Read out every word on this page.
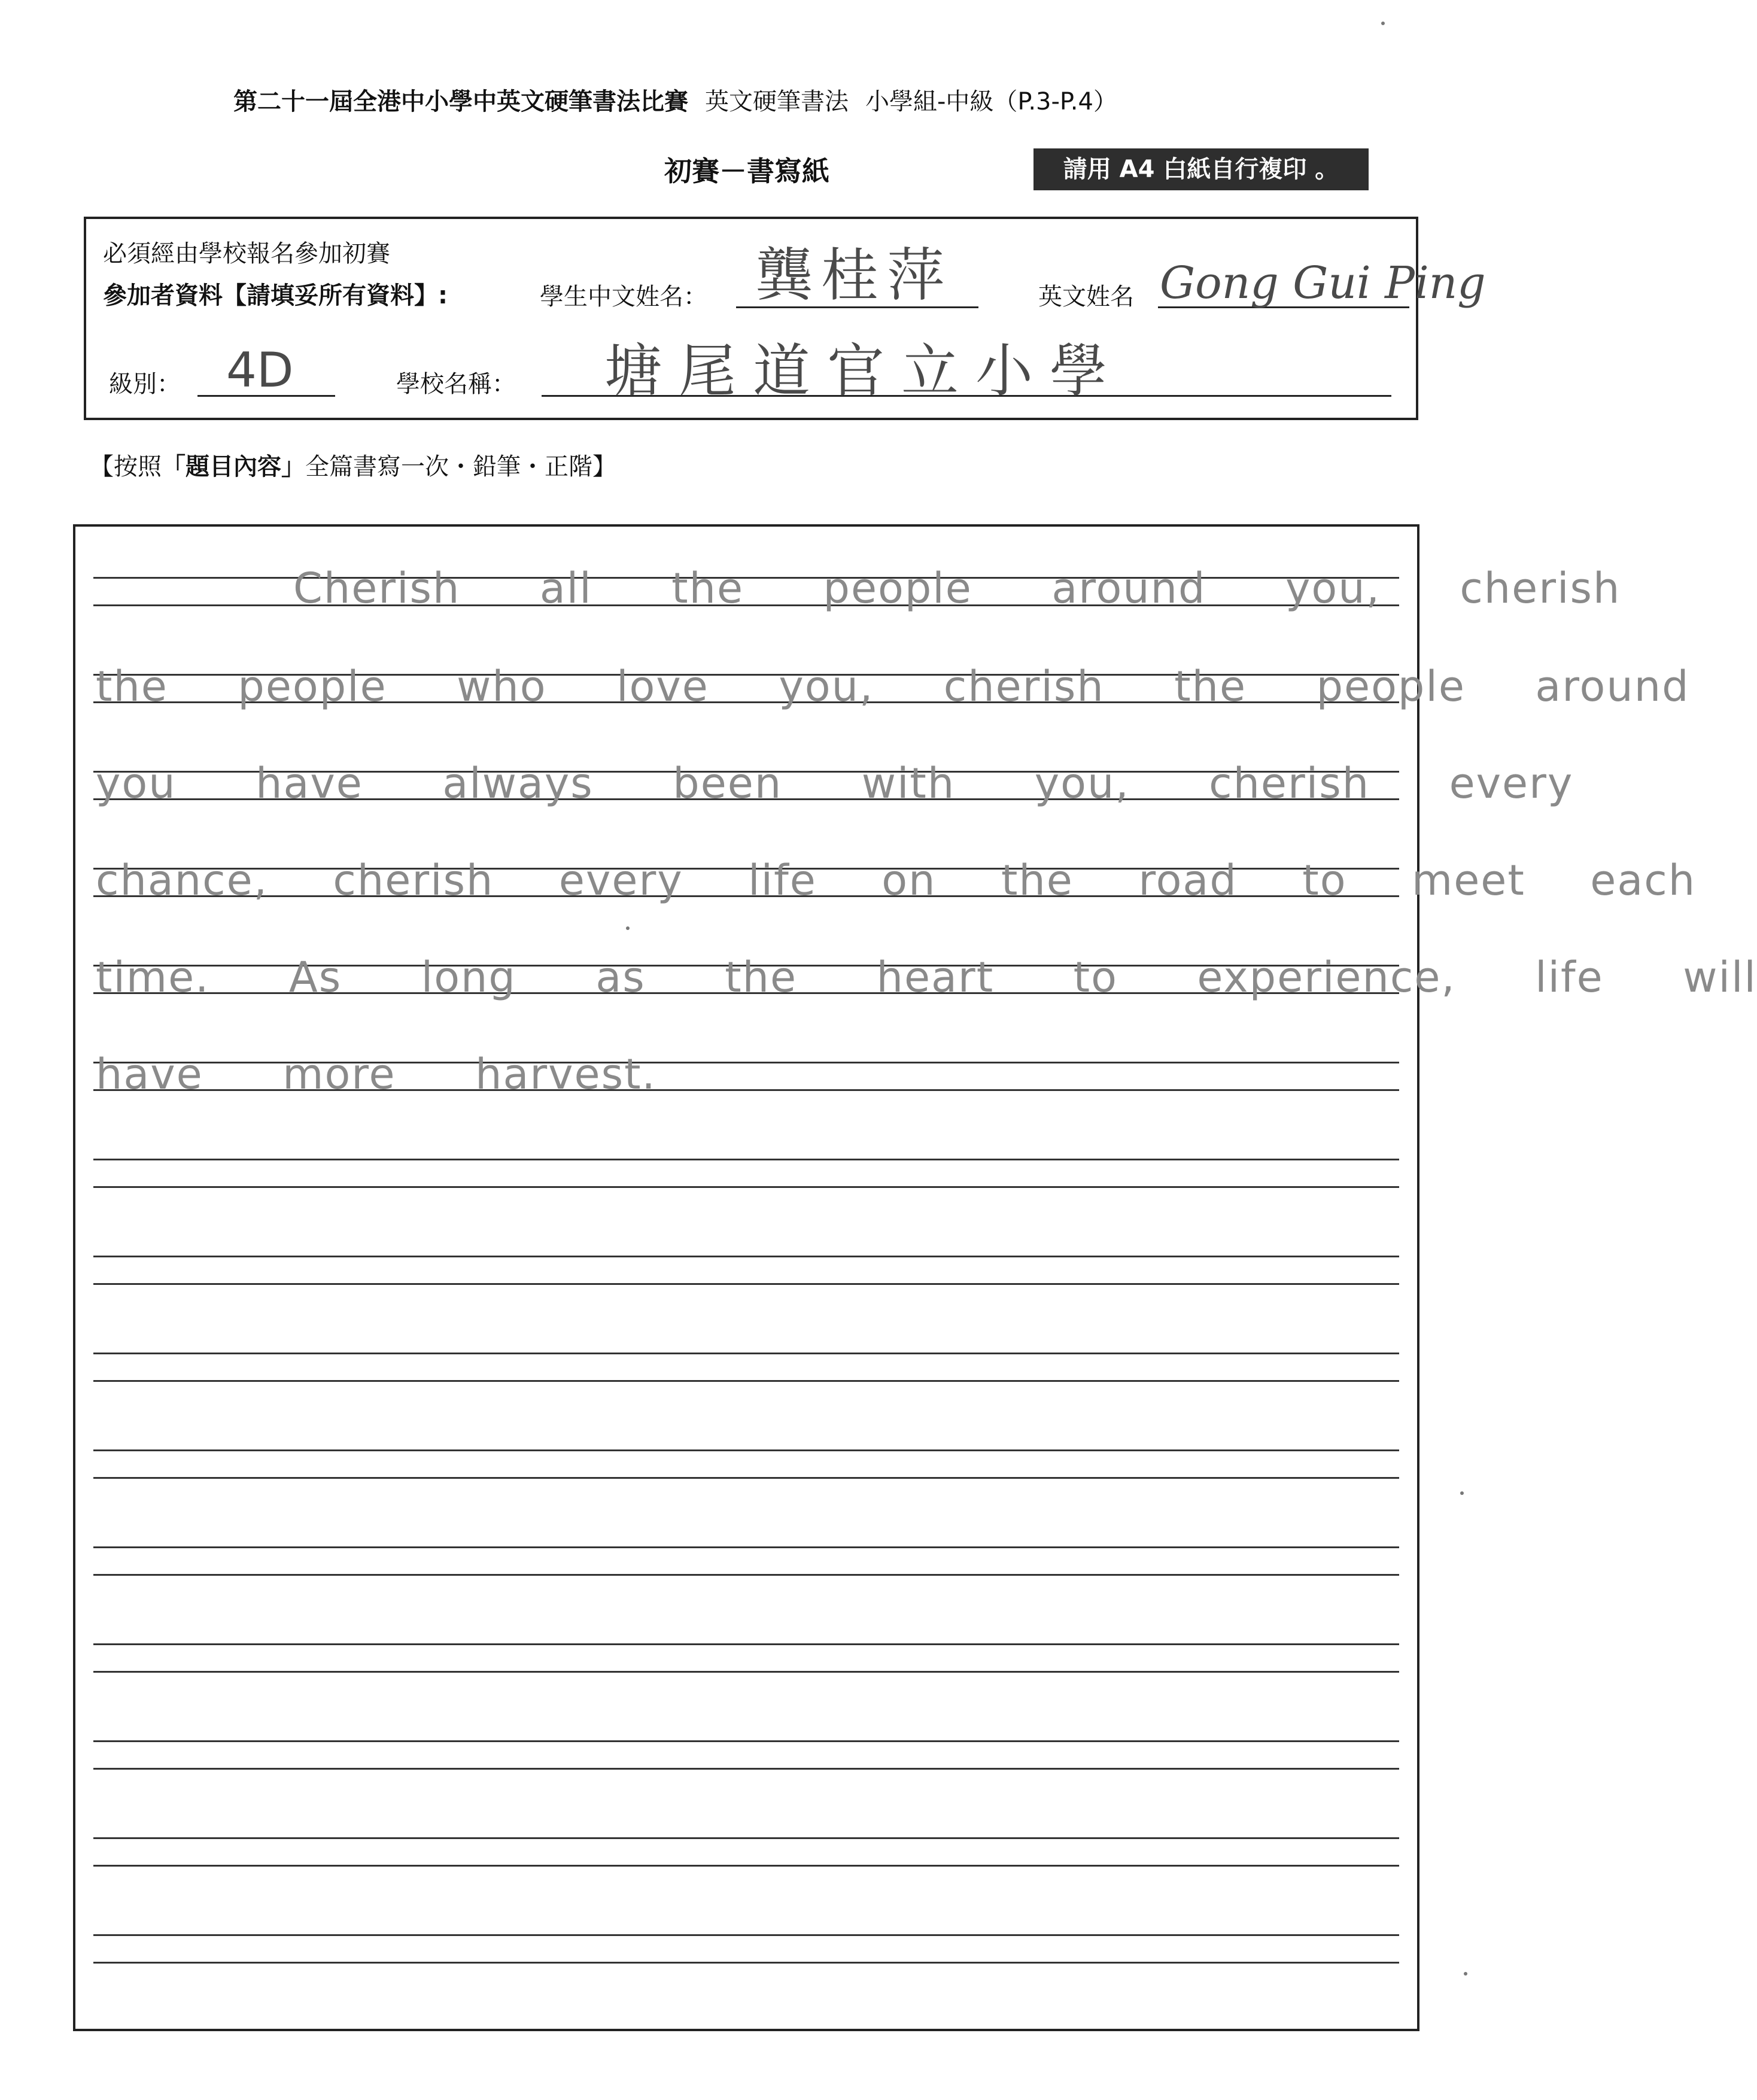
第二十一屆全港中小學中英文硬筆書法比賽 英文硬筆書法 小學組-中級（P.3-P.4）
初賽－書寫紙	請用 A4 白紙自行複印 。
必須經由學校報名參加初賽
參加者資料【請填妥所有資料】:	學生中文姓名： 龔桂萍	英文姓名 Gong Gui Ping
級別： 4D	學校名稱： 塘尾道官立小學
【按照「題目內容」全篇書寫一次・鉛筆・正階】
Cherish  all  the  people  around  you,  cherish
the  people  who  love  you,  cherish  the  people  around
you  have  always  been  with  you,  cherish  every
chance,  cherish  every  life  on  the  road  to  meet  each
time.  As  long  as  the  heart  to  experience,  life  will
have  more  harvest.
